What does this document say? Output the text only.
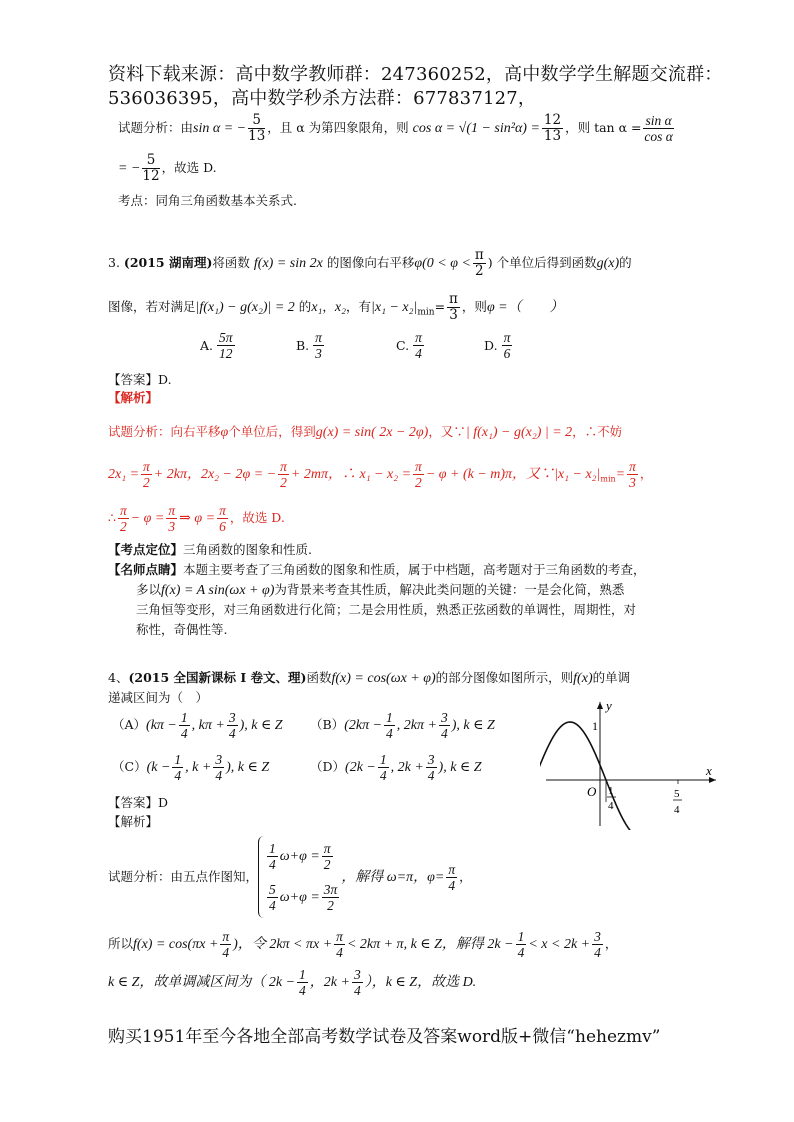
资料下载来源：高中数学教师群：247360252，高中数学学生解题交流群：
536036395，高中数学秒杀方法群：677837127，
试题分析：由sin α = − $\frac{5}{13}$ ，且 α 为第四象限角，则 $\cos \alpha = √(1 - \sin^2\alpha) = \frac{12}{13}$ ，则 $\tan \alpha = \frac{\text{sin α}}{\text{cos α}}$
= − $\frac{5}{12}$ ，故选 D.
考点：同角三角函数基本关系式.
3. (2015 湖南理)将函数 f(x) = sin 2x 的图像向右平移$\varphi(0 < \varphi < \frac{\pi}{2}$ ) 个单位后得到函数g(x)的
图像，若对满足|f(x₁) − g(x₂)| = 2 的x₁，x₂，有$|x_1 - x_2|_{min}= \frac{\pi}{3}$ ，则φ =（　　）
A. $\frac{5\pi}{12}$	B. $\frac{\pi}{3}$	C. $\frac{\pi}{4}$	D. $\frac{\pi}{6}$
【答案】D.
【解析】
试题分析：向右平移φ个单位后，得到g(x) = sin( 2x − 2φ)，又∵| f(x₁) − g(x₂) | = 2，∴不妨
$2x_1 = \frac{\pi}{2} + 2k\pi$，2x₂ − 2φ = − $\frac{\pi}{2} + 2m\pi$，∴ $x_1 - x_2 = \frac{\pi}{2} - \varphi + (k - m)\pi$，又∵|x₁ − $x_2|_{min}= \frac{\pi}{3}$ ，
∴ $\frac{\pi}{2} - \varphi = \frac{\pi}{3}$ ⇒ $\varphi = \frac{\pi}{6}$ ，故选 D.
【考点定位】三角函数的图象和性质.
【名师点睛】本题主要考查了三角函数的图象和性质，属于中档题，高考题对于三角函数的考查，
多以f(x) = A sin(ωx + φ)为背景来考查其性质，解决此类问题的关键：一是会化简，熟悉
三角恒等变形，对三角函数进行化简；二是会用性质，熟悉正弦函数的单调性，周期性，对
称性，奇偶性等.
4、(2015 全国新课标 I 卷文、理)函数f(x) = cos(ωx + φ)的部分图像如图所示，则f(x)的单调
递减区间为（　）
$(A)(k\pi - \frac{1}{4}$ , $k\pi + \frac{3}{4}$ ), k ∈ Z $(B)(2k\pi - \frac{1}{4}$ , $2k\pi + \frac{3}{4}$ ), k ∈ Z
$(C)(k - \frac{1}{4}$ , $k + \frac{3}{4}$ ), k ∈ Z	$(D)(2k - \frac{1}{4}$ , $2k + \frac{3}{4}$ ), k ∈ Z
【答案】D
【解析】
试题分析：由五点作图知，
$\frac{1}{4} \omega+\varphi = \frac{\pi}{2}$
$\frac{5}{4} \omega+\varphi = \frac{3\pi}{2}$
，解得 ω=π，$\varphi= \frac{\pi}{4}$ ，
所以$f(x) = \cos(\pi x + \frac{\pi}{4}$ )，令 $2k\pi < \pi x + \frac{\pi}{4} < 2k\pi + \pi$, k ∈ Z，解得 $2k - \frac{1}{4} < x < 2k + \frac{3}{4}$ ，
k ∈ Z，故单调减区间为（ $2k - \frac{1}{4}$ ，$2k + \frac{3}{4}$ ），k ∈ Z，故选 D.
y
x
O
1
1
4
5
4
购买1951年至今各地全部高考数学试卷及答案word版+微信“hehezmv”
